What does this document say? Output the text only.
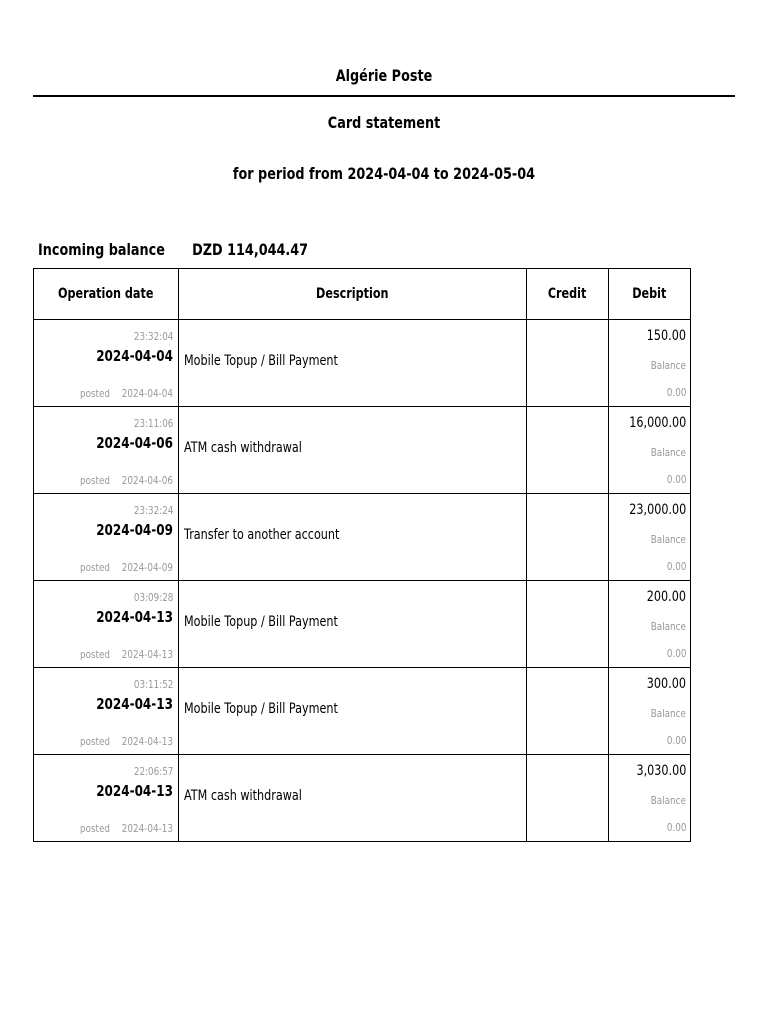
Algérie Poste
Card statement
for period from 2024-04-04 to 2024-05-04
Incoming balance DZD 114,044.47
Operation date	Description	Credit	Debit

23:32:04
2024-04-04
posted 2024-04-04	Mobile Topup / Bill Payment		150.00
Balance
0.00

23:11:06
2024-04-06
posted 2024-04-06	ATM cash withdrawal		16,000.00
Balance
0.00

23:32:24
2024-04-09
posted 2024-04-09	Transfer to another account		23,000.00
Balance
0.00

03:09:28
2024-04-13
posted 2024-04-13	Mobile Topup / Bill Payment		200.00
Balance
0.00

03:11:52
2024-04-13
posted 2024-04-13	Mobile Topup / Bill Payment		300.00
Balance
0.00

22:06:57
2024-04-13
posted 2024-04-13	ATM cash withdrawal		3,030.00
Balance
0.00
